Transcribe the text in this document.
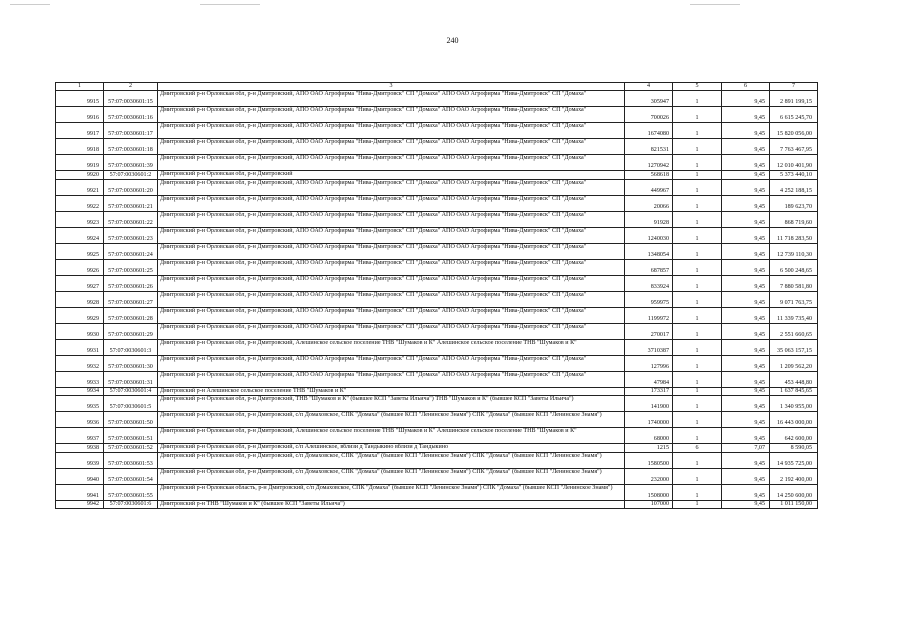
240
1	2	3	4	5	6	7
9915	57:07:0030601:15	Дмитровский р-н Орловская обл, р-н Дмитровский, АПО ОАО Агрофирма "Нива-Дмитровск" СП "Домаха" АПО ОАО Агрофирма "Нива-Дмитровск" СП "Домаха"	305947	1	9,45	2 891 199,15
9916	57:07:0030601:16	Дмитровский р-н Орловская обл, р-н Дмитровский, АПО ОАО Агрофирма "Нива-Дмитровск" СП "Домаха" АПО ОАО Агрофирма "Нива-Дмитровск" СП "Домаха"	700026	1	9,45	6 615 245,70
9917	57:07:0030601:17	Дмитровский р-н Орловская обл, р-н Дмитровский, АПО ОАО Агрофирма "Нива-Дмитровск" СП "Домаха" АПО ОАО Агрофирма "Нива-Дмитровск" СП "Домаха"	1674080	1	9,45	15 820 056,00
9918	57:07:0030601:18	Дмитровский р-н Орловская обл, р-н Дмитровский, АПО ОАО Агрофирма "Нива-Дмитровск" СП "Домаха" АПО ОАО Агрофирма "Нива-Дмитровск" СП "Домаха"	821531	1	9,45	7 763 467,95
9919	57:07:0030601:39	Дмитровский р-н Орловская обл, р-н Дмитровский, АПО ОАО Агрофирма "Нива-Дмитровск" СП "Домаха" АПО ОАО Агрофирма "Нива-Дмитровск" СП "Домаха"	1270942	1	9,45	12 010 401,90
9920	57:07:0030601:2	Дмитровский р-н Орловская обл, р-н Дмитровский	568618	1	9,45	5 373 440,10
9921	57:07:0030601:20	Дмитровский р-н Орловская обл, р-н Дмитровский, АПО ОАО Агрофирма "Нива-Дмитровск" СП "Домаха" АПО ОАО Агрофирма "Нива-Дмитровск" СП "Домаха"	449967	1	9,45	4 252 188,15
9922	57:07:0030601:21	Дмитровский р-н Орловская обл, р-н Дмитровский, АПО ОАО Агрофирма "Нива-Дмитровск" СП "Домаха" АПО ОАО Агрофирма "Нива-Дмитровск" СП "Домаха"	20066	1	9,45	189 623,70
9923	57:07:0030601:22	Дмитровский р-н Орловская обл, р-н Дмитровский, АПО ОАО Агрофирма "Нива-Дмитровск" СП "Домаха" АПО ОАО Агрофирма "Нива-Дмитровск" СП "Домаха"	91928	1	9,45	868 719,60
9924	57:07:0030601:23	Дмитровский р-н Орловская обл, р-н Дмитровский, АПО ОАО Агрофирма "Нива-Дмитровск" СП "Домаха" АПО ОАО Агрофирма "Нива-Дмитровск" СП "Домаха"	1240030	1	9,45	11 718 283,50
9925	57:07:0030601:24	Дмитровский р-н Орловская обл, р-н Дмитровский, АПО ОАО Агрофирма "Нива-Дмитровск" СП "Домаха" АПО ОАО Агрофирма "Нива-Дмитровск" СП "Домаха"	1348054	1	9,45	12 739 110,30
9926	57:07:0030601:25	Дмитровский р-н Орловская обл, р-н Дмитровский, АПО ОАО Агрофирма "Нива-Дмитровск" СП "Домаха" АПО ОАО Агрофирма "Нива-Дмитровск" СП "Домаха"	687857	1	9,45	6 500 248,65
9927	57:07:0030601:26	Дмитровский р-н Орловская обл, р-н Дмитровский, АПО ОАО Агрофирма "Нива-Дмитровск" СП "Домаха" АПО ОАО Агрофирма "Нива-Дмитровск" СП "Домаха"	833924	1	9,45	7 880 581,80
9928	57:07:0030601:27	Дмитровский р-н Орловская обл, р-н Дмитровский, АПО ОАО Агрофирма "Нива-Дмитровск" СП "Домаха" АПО ОАО Агрофирма "Нива-Дмитровск" СП "Домаха"	959975	1	9,45	9 071 763,75
9929	57:07:0030601:28	Дмитровский р-н Орловская обл, р-н Дмитровский, АПО ОАО Агрофирма "Нива-Дмитровск" СП "Домаха" АПО ОАО Агрофирма "Нива-Дмитровск" СП "Домаха"	1199972	1	9,45	11 339 735,40
9930	57:07:0030601:29	Дмитровский р-н Орловская обл, р-н Дмитровский, АПО ОАО Агрофирма "Нива-Дмитровск" СП "Домаха" АПО ОАО Агрофирма "Нива-Дмитровск" СП "Домаха"	270017	1	9,45	2 551 660,65
9931	57:07:0030601:3	Дмитровский р-н Орловская обл, р-н Дмитровский, Алешинское сельское поселение ТНВ "Шумаков и К" Алешинское сельское поселение ТНВ "Шумаков и К"	3710387	1	9,45	35 063 157,15
9932	57:07:0030601:30	Дмитровский р-н Орловская обл, р-н Дмитровский, АПО ОАО Агрофирма "Нива-Дмитровск" СП "Домаха" АПО ОАО Агрофирма "Нива-Дмитровск" СП "Домаха"	127996	1	9,45	1 209 562,20
9933	57:07:0030601:31	Дмитровский р-н Орловская обл, р-н Дмитровский, АПО ОАО Агрофирма "Нива-Дмитровск" СП "Домаха" АПО ОАО Агрофирма "Нива-Дмитровск" СП "Домаха"	47984	1	9,45	453 448,80
9934	57:07:0030601:4	Дмитровский р-н Алешинское сельское поселение ТНВ "Шумаков и К"	173317	1	9,45	1 637 845,65
9935	57:07:0030601:5	Дмитровский р-н Орловская обл, р-н Дмитровский, ТНВ "Шумаков и К" (бывшее КСП "Заветы Ильича") ТНВ "Шумаков и К" (бывшее КСП "Заветы Ильича")	141900	1	9,45	1 340 955,00
9936	57:07:0030601:50	Дмитровский р-н Орловская обл, р-н Дмитровский, с/п Домаховское, СПК "Домаха" (бывшее КСП "Ленинское Знамя") СПК "Домаха" (бывшее КСП "Ленинское Знамя")	1740000	1	9,45	16 443 000,00
9937	57:07:0030601:51	Дмитровский р-н Орловская обл, р-н Дмитровский, Алешинское сельское поселение ТНВ "Шумаков и К" Алешинское сельское поселение ТНВ "Шумаков и К"	68000	1	9,45	642 600,00
9938	57:07:0030601:52	Дмитровский р-н Орловская обл, р-н Дмитровский, с/п Алешинское, вблизи д Тандыкино вблизи д Тандыкино	1215	6	7,07	8 590,05
9939	57:07:0030601:53	Дмитровский р-н Орловская обл, р-н Дмитровский, с/п Домаховское, СПК "Домаха" (бывшее КСП "Ленинское Знамя") СПК "Домаха" (бывшее КСП "Ленинское Знамя")	1580500	1	9,45	14 935 725,00
9940	57:07:0030601:54	Дмитровский р-н Орловская обл, р-н Дмитровский, с/п Домаховское, СПК "Домаха" (бывшее КСП "Ленинское Знамя") СПК "Домаха" (бывшее КСП "Ленинское Знамя")	232000	1	9,45	2 192 400,00
9941	57:07:0030601:55	Дмитровский р-н Орловская область, р-н Дмитровский, с/п Домаховское, СПК "Домаха" (бывшее КСП "Ленинское Знамя") СПК "Домаха" (бывшее КСП "Ленинское Знамя")	1508000	1	9,45	14 250 600,00
9942	57:07:0030601:6	Дмитровский р-н ТНВ "Шумаков и К" (бывшее КСП "Заветы Ильича")	107000	1	9,45	1 011 150,00
